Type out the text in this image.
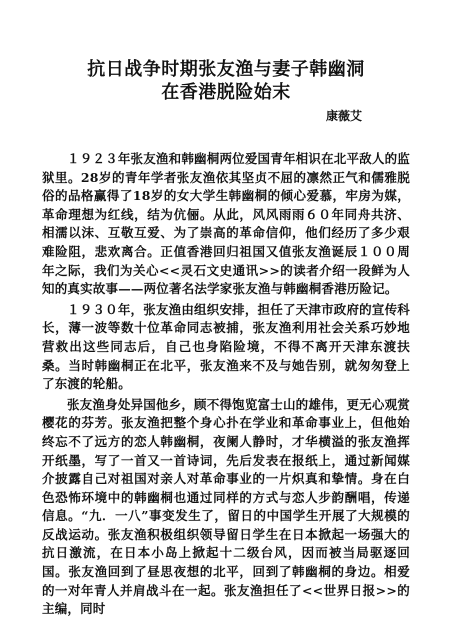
抗日战争时期张友渔与妻子韩幽洞
在香港脱险始末
康薇艾

１９２３年张友渔和韩幽桐两位爱国青年相识在北平敌人的监狱里。28岁的青年学者张友渔依其坚贞不屈的凛然正气和儒雅脱俗的品格赢得了18岁的女大学生韩幽桐的倾心爱慕，牢房为媒，革命理想为红线，结为伉俪。从此，风风雨雨６０年同舟共济、相濡以沫、互敬互爱、为了崇高的革命信仰，他们经历了多少艰难险阻，悲欢离合。正值香港回归祖国又值张友渔诞辰１００周年之际，我们为关心<<灵石文史通讯>>的读者介绍一段鲜为人知的真实故事——两位著名法学家张友渔与韩幽桐香港历险记。

１９３０年，张友渔由组织安排，担任了天津市政府的宣传科长，薄一波等数十位革命同志被捕，张友渔利用社会关系巧妙地营救出这些同志后，自己也身陷险境，不得不离开天津东渡扶桑。当时韩幽桐正在北平，张友渔来不及与她告别，就匆匆登上了东渡的轮船。

张友渔身处异国他乡，顾不得饱览富士山的雄伟，更无心观赏樱花的芬芳。张友渔把整个身心扑在学业和革命事业上，但他始终忘不了远方的恋人韩幽桐，夜阑人静时，才华横溢的张友渔挥开纸墨，写了一首又一首诗词，先后发表在报纸上，通过新闻媒介披露自己对祖国对亲人对革命事业的一片炽真和挚情。身在白色恐怖环境中的韩幽桐也通过同样的方式与恋人步韵酬唱，传递信息。“九．一八”事变发生了，留日的中国学生开展了大规模的反战运动。张友渔积极组织领导留日学生在日本掀起一场强大的抗日激流，在日本小岛上掀起十二级台风，因而被当局驱逐回国。张友渔回到了昼思夜想的北平，回到了韩幽桐的身边。相爱的一对年青人并肩战斗在一起。张友渔担任了<<世界日报>>的主编，同时
